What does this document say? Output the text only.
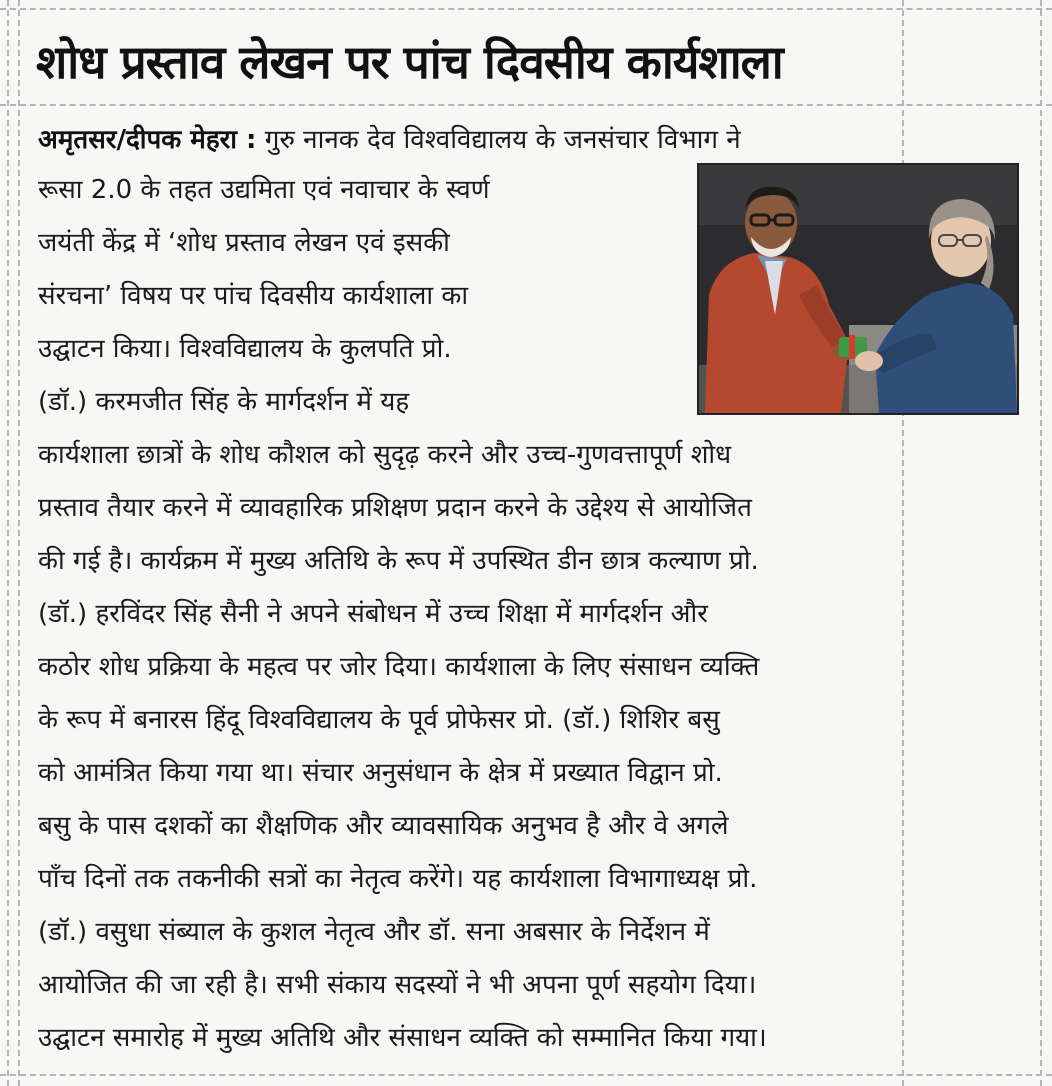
शोध प्रस्ताव लेखन पर पांच दिवसीय कार्यशाला
अमृतसर/दीपक मेहरा : गुरु नानक देव विश्वविद्यालय के जनसंचार विभाग ने
रूसा 2.0 के तहत उद्यमिता एवं नवाचार के स्वर्ण
जयंती केंद्र में ‘शोध प्रस्ताव लेखन एवं इसकी
संरचना’ विषय पर पांच दिवसीय कार्यशाला का
उद्घाटन किया। विश्वविद्यालय के कुलपति प्रो.
(डॉ.) करमजीत सिंह के मार्गदर्शन में यह
कार्यशाला छात्रों के शोध कौशल को सुदृढ़ करने और उच्च-गुणवत्तापूर्ण शोध
प्रस्ताव तैयार करने में व्यावहारिक प्रशिक्षण प्रदान करने के उद्देश्य से आयोजित
की गई है। कार्यक्रम में मुख्य अतिथि के रूप में उपस्थित डीन छात्र कल्याण प्रो.
(डॉ.) हरविंदर सिंह सैनी ने अपने संबोधन में उच्च शिक्षा में मार्गदर्शन और
कठोर शोध प्रक्रिया के महत्व पर जोर दिया। कार्यशाला के लिए संसाधन व्यक्ति
के रूप में बनारस हिंदू विश्वविद्यालय के पूर्व प्रोफेसर प्रो. (डॉ.) शिशिर बसु
को आमंत्रित किया गया था। संचार अनुसंधान के क्षेत्र में प्रख्यात विद्वान प्रो.
बसु के पास दशकों का शैक्षणिक और व्यावसायिक अनुभव है और वे अगले
पाँच दिनों तक तकनीकी सत्रों का नेतृत्व करेंगे। यह कार्यशाला विभागाध्यक्ष प्रो.
(डॉ.) वसुधा संब्याल के कुशल नेतृत्व और डॉ. सना अबसार के निर्देशन में
आयोजित की जा रही है। सभी संकाय सदस्यों ने भी अपना पूर्ण सहयोग दिया।
उद्घाटन समारोह में मुख्य अतिथि और संसाधन व्यक्ति को सम्मानित किया गया।
